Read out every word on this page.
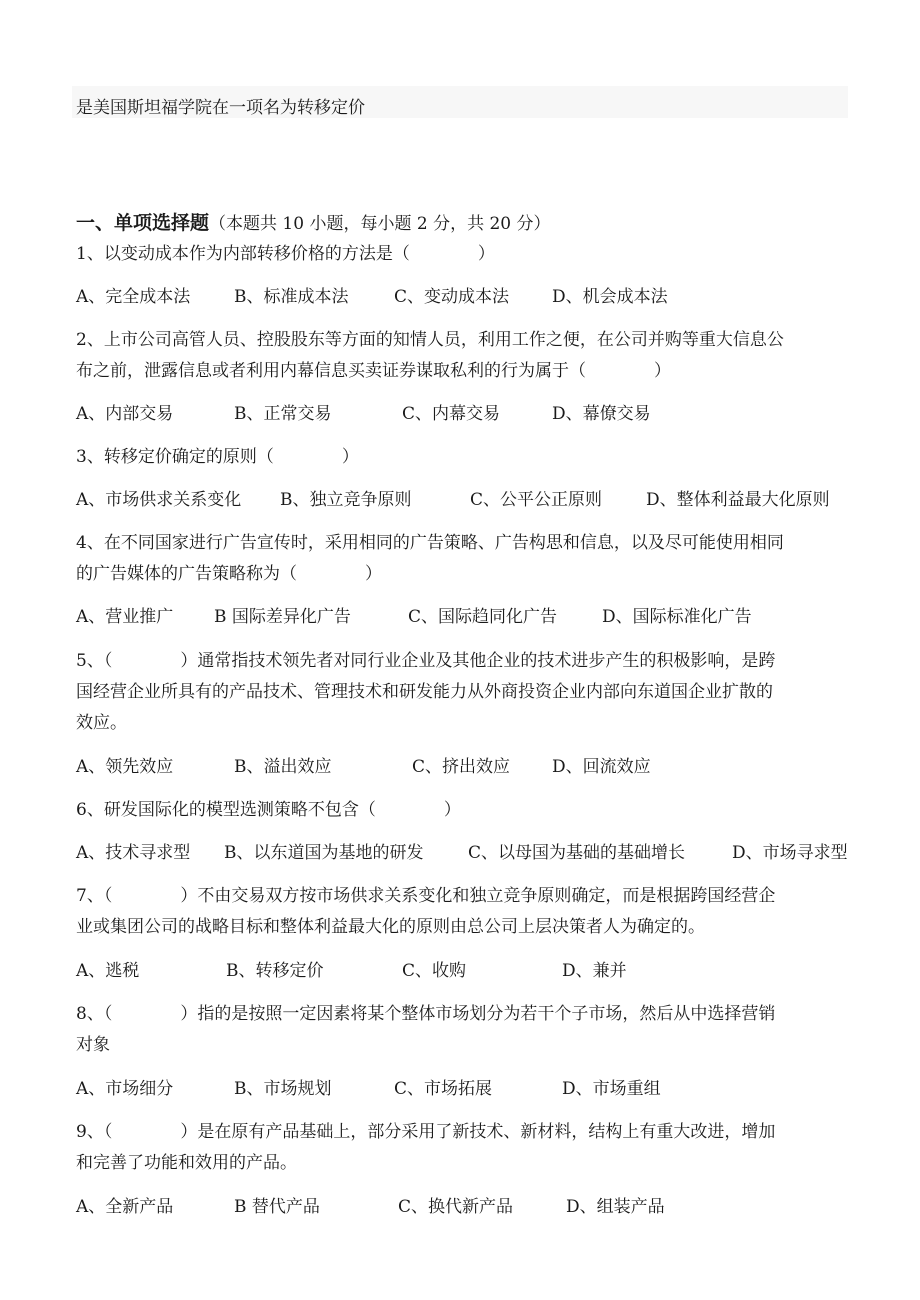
是美国斯坦福学院在一项名为转移定价
一、单项选择题（本题共 10 小题，每小题 2 分，共 20 分）
1、以变动成本作为内部转移价格的方法是（　　　　）
A、完全成本法	B、标准成本法	C、变动成本法	D、机会成本法
2、上市公司高管人员、控股股东等方面的知情人员，利用工作之便，在公司并购等重大信息公
布之前，泄露信息或者利用内幕信息买卖证券谋取私利的行为属于（　　　　）
A、内部交易	B、正常交易	C、内幕交易	D、幕僚交易
3、转移定价确定的原则（　　　　）
A、市场供求关系变化 B、独立竞争原则	C、公平公正原则	D、整体利益最大化原则
4、在不同国家进行广告宣传时，采用相同的广告策略、广告构思和信息，以及尽可能使用相同
的广告媒体的广告策略称为（　　　　）
A、营业推广 B 国际差异化广告	C、国际趋同化广告	D、国际标准化广告
5、（　　　　）通常指技术领先者对同行业企业及其他企业的技术进步产生的积极影响，是跨
国经营企业所具有的产品技术、管理技术和研发能力从外商投资企业内部向东道国企业扩散的
效应。
A、领先效应	B、溢出效应	C、挤出效应 D、回流效应
6、研发国际化的模型选测策略不包含（　　　　）
A、技术寻求型 B、以东道国为基地的研发	C、以母国为基础的基础增长	D、市场寻求型
7、（　　　　）不由交易双方按市场供求关系变化和独立竞争原则确定，而是根据跨国经营企
业或集团公司的战略目标和整体利益最大化的原则由总公司上层决策者人为确定的。
A、逃税	B、转移定价	C、收购	D、兼并
8、（　　　　）指的是按照一定因素将某个整体市场划分为若干个子市场，然后从中选择营销
对象
A、市场细分	B、市场规划	C、市场拓展	D、市场重组
9、（　　　　）是在原有产品基础上，部分采用了新技术、新材料，结构上有重大改进，增加
和完善了功能和效用的产品。
A、全新产品	B 替代产品	C、换代新产品	D、组装产品
